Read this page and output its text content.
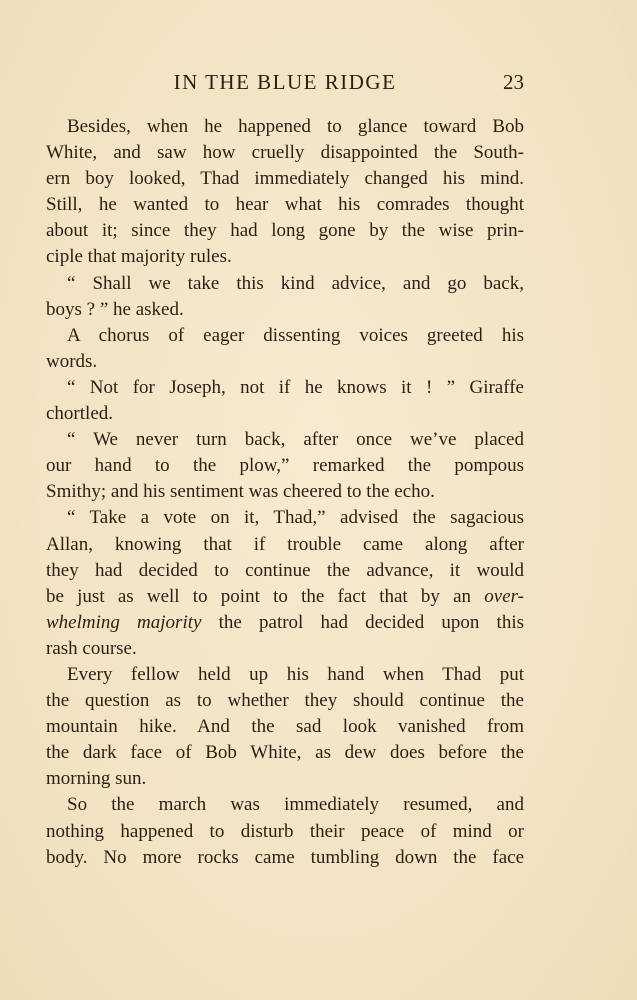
IN THE BLUE RIDGE	23
Besides, when he happened to glance toward Bob
White, and saw how cruelly disappointed the South-
ern boy looked, Thad immediately changed his mind.
Still, he wanted to hear what his comrades thought
about it; since they had long gone by the wise prin-
ciple that majority rules.
“ Shall we take this kind advice, and go back,
boys ? ” he asked.
A chorus of eager dissenting voices greeted his
words.
“ Not for Joseph, not if he knows it ! ” Giraffe
chortled.
“ We never turn back, after once we’ve placed
our hand to the plow,” remarked the pompous
Smithy; and his sentiment was cheered to the echo.
“ Take a vote on it, Thad,” advised the sagacious
Allan, knowing that if trouble came along after
they had decided to continue the advance, it would
be just as well to point to the fact that by an over-
whelming majority the patrol had decided upon this
rash course.
Every fellow held up his hand when Thad put
the question as to whether they should continue the
mountain hike. And the sad look vanished from
the dark face of Bob White, as dew does before the
morning sun.
So the march was immediately resumed, and
nothing happened to disturb their peace of mind or
body. No more rocks came tumbling down the face
